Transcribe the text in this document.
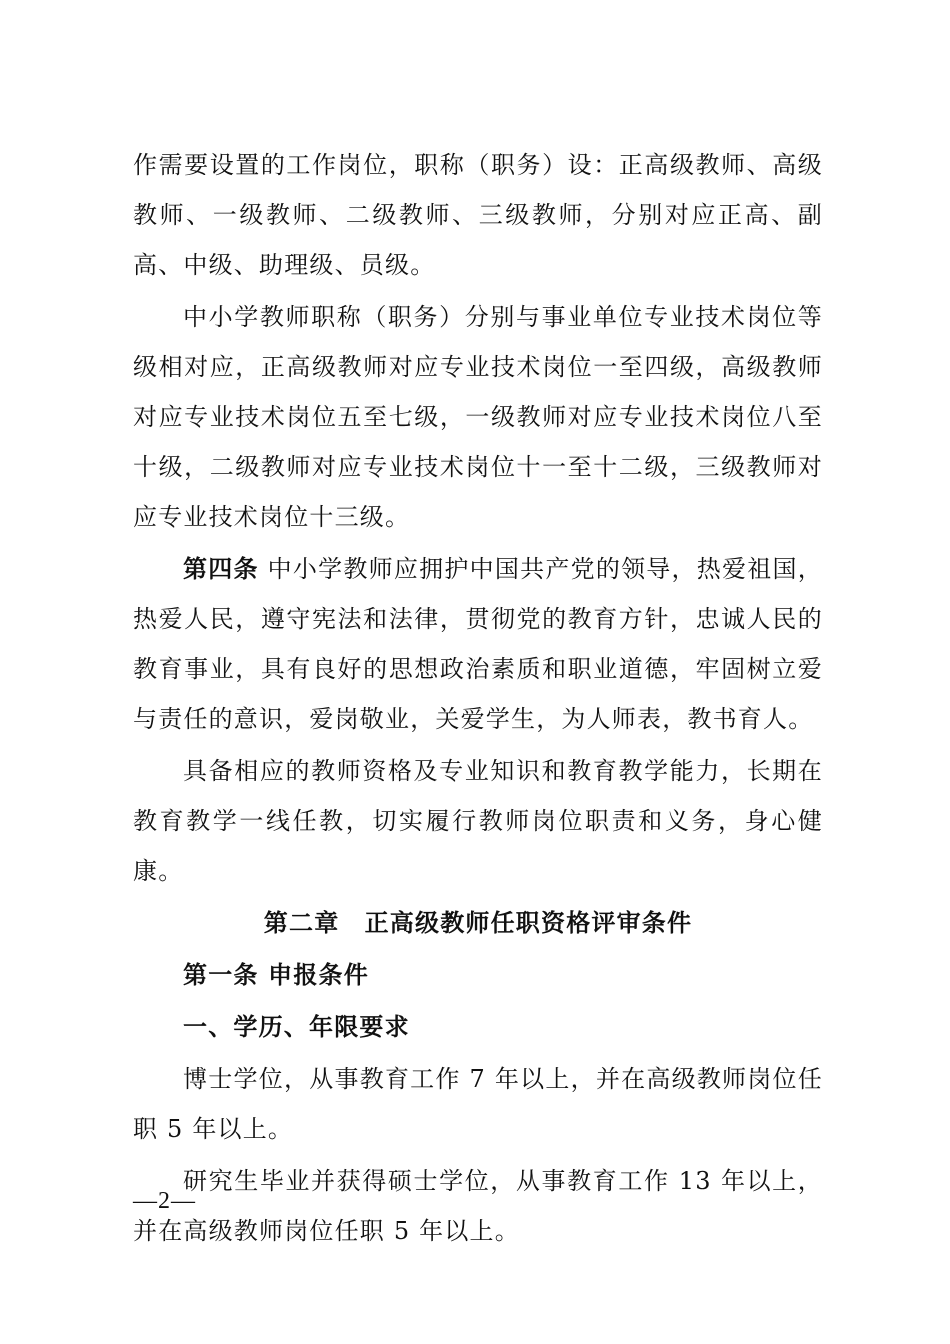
作需要设置的工作岗位，职称（职务）设：正高级教师、高级教师、一级教师、二级教师、三级教师，分别对应正高、副高、中级、助理级、员级。

中小学教师职称（职务）分别与事业单位专业技术岗位等级相对应，正高级教师对应专业技术岗位一至四级，高级教师对应专业技术岗位五至七级，一级教师对应专业技术岗位八至十级，二级教师对应专业技术岗位十一至十二级，三级教师对应专业技术岗位十三级。

第四条 中小学教师应拥护中国共产党的领导，热爱祖国，热爱人民，遵守宪法和法律，贯彻党的教育方针，忠诚人民的教育事业，具有良好的思想政治素质和职业道德，牢固树立爱与责任的意识，爱岗敬业，关爱学生，为人师表，教书育人。

具备相应的教师资格及专业知识和教育教学能力，长期在教育教学一线任教，切实履行教师岗位职责和义务，身心健康。

第二章　正高级教师任职资格评审条件

第一条 申报条件

一、学历、年限要求

博士学位，从事教育工作 7 年以上，并在高级教师岗位任职 5 年以上。

研究生毕业并获得硕士学位，从事教育工作 13 年以上，并在高级教师岗位任职 5 年以上。

—2—
